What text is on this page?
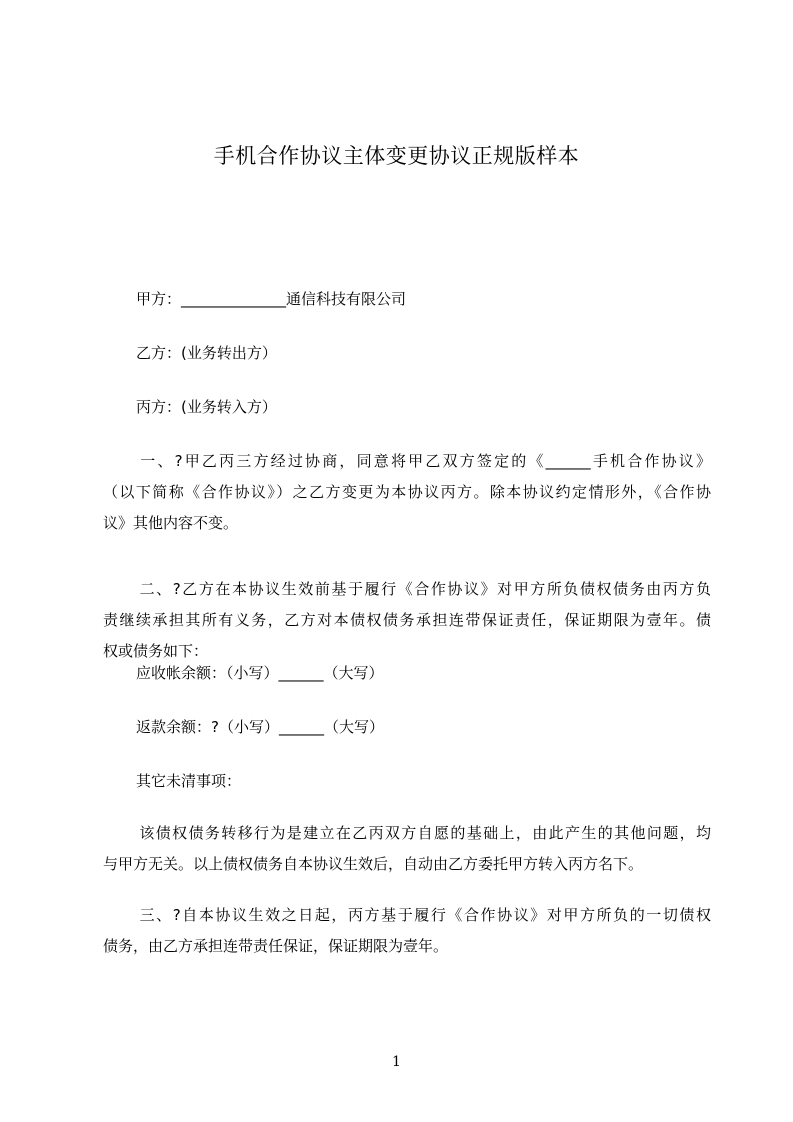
手机合作协议主体变更协议正规版样本
甲方：______________通信科技有限公司
乙方：(业务转出方）
丙方：(业务转入方）
　一、?甲乙丙三方经过协商，同意将甲乙双方签定的《______手机合作协议》
（以下简称《合作协议》）之乙方变更为本协议丙方。除本协议约定情形外，《合作协
议》其他内容不变。
　二、?乙方在本协议生效前基于履行《合作协议》对甲方所负债权债务由丙方负
责继续承担其所有义务，乙方对本债权债务承担连带保证责任，保证期限为壹年。债
权或债务如下：
应收帐余额：（小写）______（大写）
返款余额：?（小写）______（大写）
其它未清事项：
　该债权债务转移行为是建立在乙丙双方自愿的基础上，由此产生的其他问题，均
与甲方无关。以上债权债务自本协议生效后，自动由乙方委托甲方转入丙方名下。
　三、?自本协议生效之日起，丙方基于履行《合作协议》对甲方所负的一切债权
债务，由乙方承担连带责任保证，保证期限为壹年。
1
